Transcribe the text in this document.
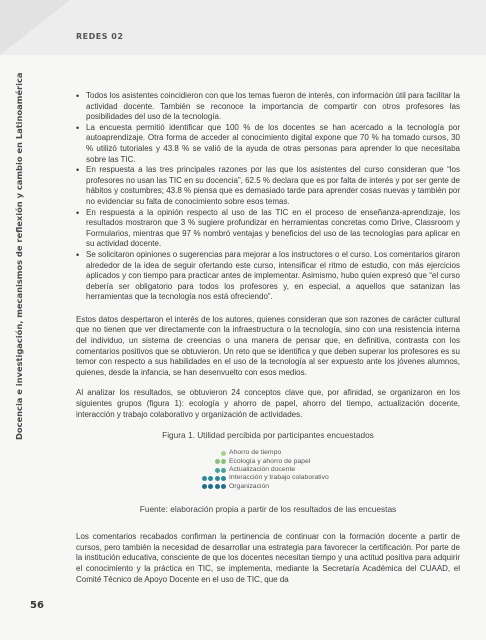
REDES 02
Docencia e investigación, mecanismos de reflexión y cambio en Latinoamérica
•	Todos los asistentes coincidieron con que los temas fueron de interés, con información útil para facilitar la actividad docente. También se reconoce la importancia de compartir con otros profesores las posibilidades del uso de la tecnología.
• La encuesta permitió identificar que 100 % de los docentes se han acercado a la tecnología por autoaprendizaje. Otra forma de acceder al conocimiento digital expone que 70 % ha tomado cursos, 30 % utilizó tutoriales y 43.8 % se valió de la ayuda de otras personas para aprender lo que necesitaba sobre las TIC.
• En respuesta a las tres principales razones por las que los asistentes del curso consideran que “los profesores no usan las TIC en su docencia”, 62.5 % declara que es por falta de interés y por ser gente de hábitos y costumbres; 43.8 % piensa que es demasiado tarde para aprender cosas nuevas y también por no evidenciar su falta de conocimiento sobre esos temas.
• En respuesta a la opinión respecto al uso de las TIC en el proceso de enseñanza-aprendizaje, los resultados mostraron que 3 % sugiere profundizar en herramientas concretas como Drive, Classroom y Formularios, mientras que 97 % nombró ventajas y beneficios del uso de las tecnologías para aplicar en su actividad docente.
• Se solicitaron opiniones o sugerencias para mejorar a los instructores o el curso. Los comentarios giraron alrededor de la idea de seguir ofertando este curso, intensificar el ritmo de estudio, con más ejercicios aplicados y con tiempo para practicar antes de implementar. Asimismo, hubo quien expresó que “el curso debería ser obligatorio para todos los profesores y, en especial, a aquellos que satanizan las herramientas que la tecnología nos está ofreciendo”.

Estos datos despertaron el interés de los autores, quienes consideran que son razones de carácter cultural que no tienen que ver directamente con la infraestructura o la tecnología, sino con una resistencia interna del individuo, un sistema de creencias o una manera de pensar que, en definitiva, contrasta con los comentarios positivos que se obtuvieron. Un reto que se identifica y que deben superar los profesores es su temor con respecto a sus habilidades en el uso de la tecnología al ser expuesto ante los jóvenes alumnos, quienes, desde la infancia, se han desenvuelto con esos medios.

Al analizar los resultados, se obtuvieron 24 conceptos clave que, por afinidad, se organizaron en los siguientes grupos (figura 1): ecología y ahorro de papel, ahorro del tiempo, actualización docente, interacción y trabajo colaborativo y organización de actividades.

Figura 1. Utilidad percibida por participantes encuestados
Ahorro de tiempo
Ecología y ahorro de papel
Actualización docente
Interacción y trabajo colaborativo
Organización
Fuente: elaboración propia a partir de los resultados de las encuestas

Los comentarios recabados confirman la pertinencia de continuar con la formación docente a partir de cursos, pero también la necesidad de desarrollar una estrategia para favorecer la certificación. Por parte de la institución educativa, consciente de que los docentes necesitan tiempo y una actitud positiva para adquirir el conocimiento y la práctica en TIC, se implementa, mediante la Secretaría Académica del CUAAD, el Comité Técnico de Apoyo Docente en el uso de TIC, que da

56
